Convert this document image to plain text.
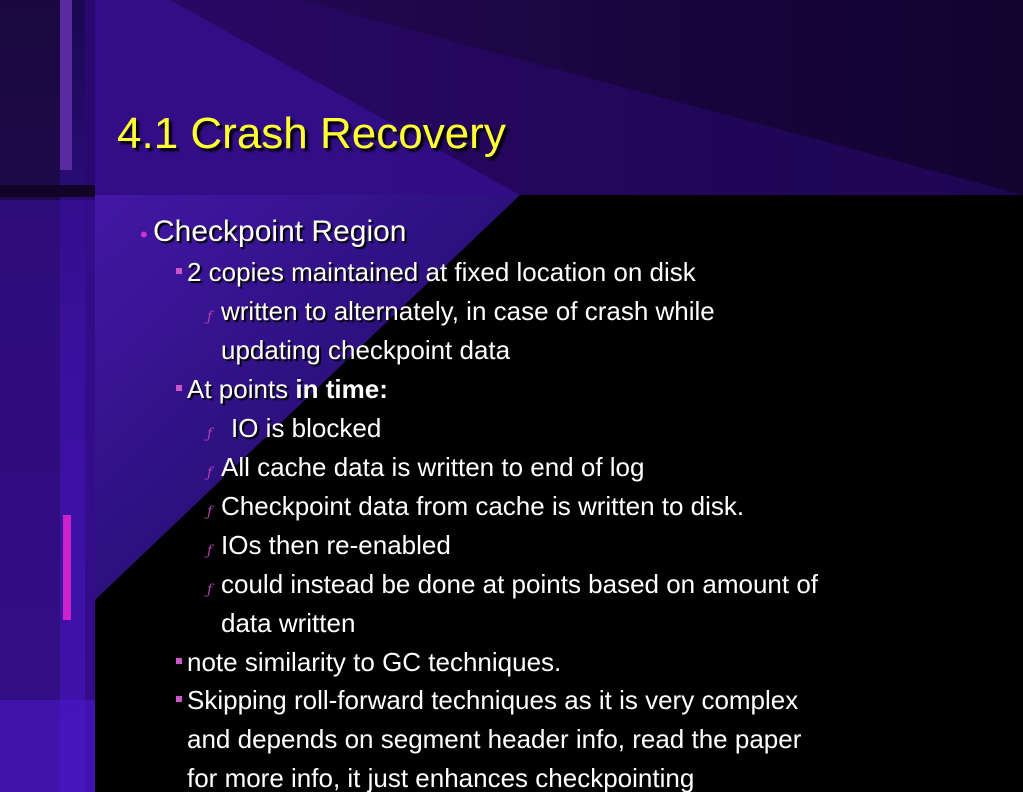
4.1 Crash Recovery
• Checkpoint Region
2 copies maintained at fixed location on disk
ƒ written to alternately, in case of crash while
updating checkpoint data
At points in time:
ƒ IO is blocked
ƒ All cache data is written to end of log
ƒ Checkpoint data from cache is written to disk.
ƒ IOs then re-enabled
ƒ could instead be done at points based on amount of
data written
note similarity to GC techniques.
Skipping roll-forward techniques as it is very complex
and depends on segment header info, read the paper
for more info, it just enhances checkpointing
